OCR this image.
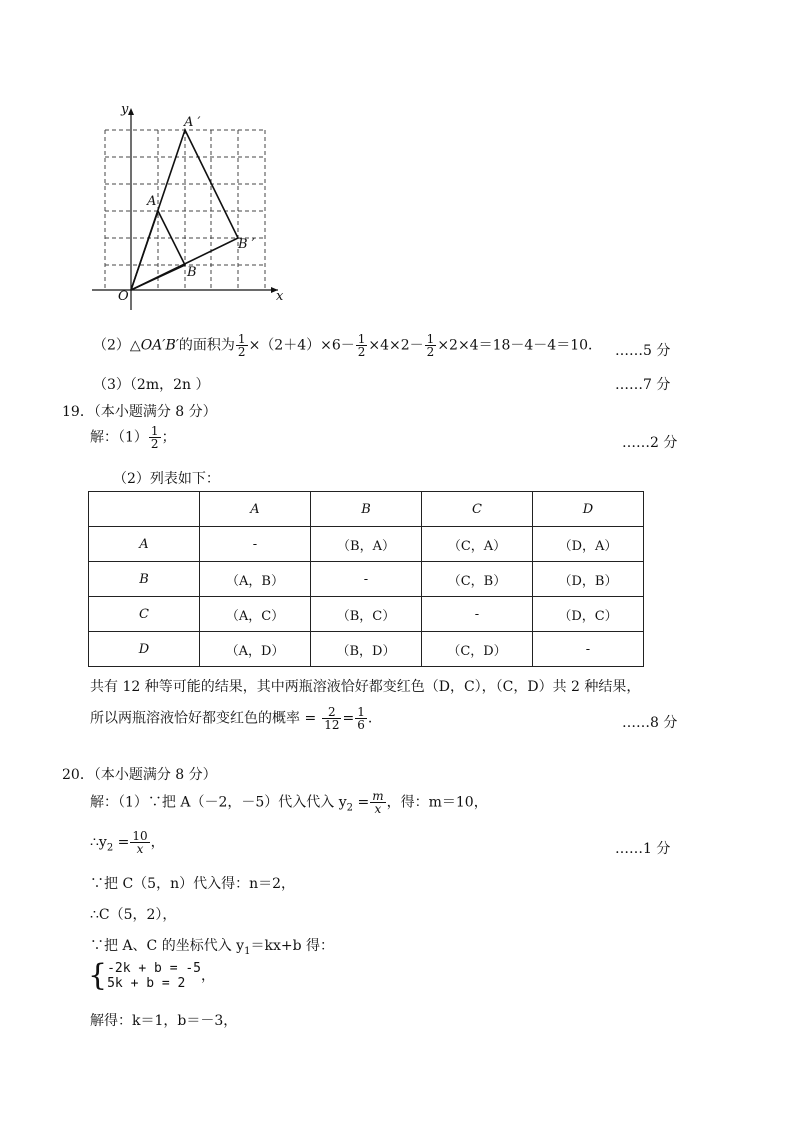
y
x
O
A
B
A ′
B ′
（2）△OA′B′的面积为 $\frac{1}{2} \times(2+4)\times 6- \frac{1}{2} \times 4\times 2- \frac{1}{2} \times 2\times 4=18-4-4=10$． ……5 分
（3）（2m，2n ）	……7 分
19．（本小题满分 8 分）
解：$(1) \frac{1}{2}$ ；	……2 分
（2）列表如下：
	A	B	C	D
A	-	（B，A）	（C，A）	（D，A）
B	（A，B）	-	（C，B）	（D，B）
C	（A，C）	（B，C）	-	（D，C）
D	（A，D）	（B，D）	（C，D）	-
共有 12 种等可能的结果，其中两瓶溶液恰好都变红色（D，C），（C，D）共 2 种结果，
所以两瓶溶液恰好都变红色的概率 = $\frac{2}{12} = \frac{1}{6}$ .	……8 分
20．（本小题满分 8 分）
解：（1）∵把 A（－2，－5）代入代入 $y_2 = \frac{m}{x}$ ，得：m＝10，
$\therefore y_2 = \frac{10}{x}$ ，	……1 分
∵把 C（5，n）代入得：n＝2，
∴C（5，2），
∵把 A、C 的坐标代入 $y_1=kx+b$ 得：
{ -2k + b = -5
5k + b = 2	，
解得：k＝1，b＝－3，
